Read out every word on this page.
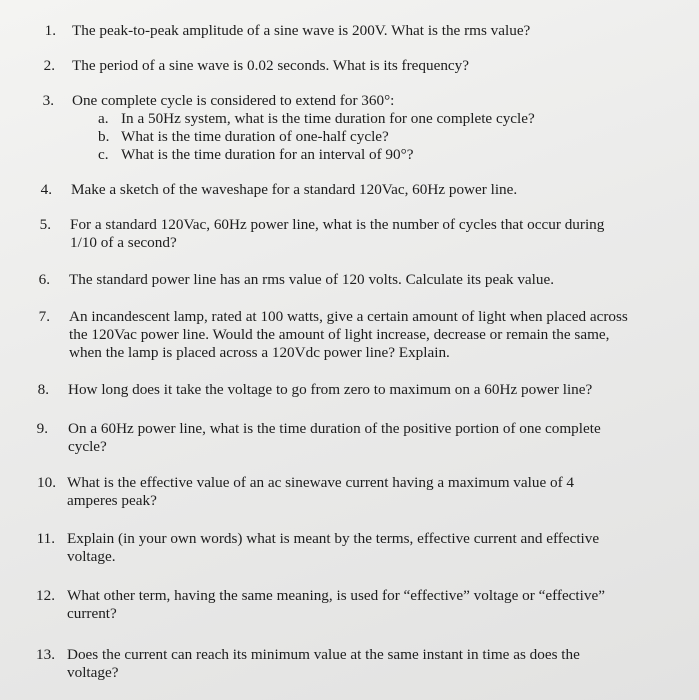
1. The peak-to-peak amplitude of a sine wave is 200V. What is the rms value?
2. The period of a sine wave is 0.02 seconds. What is its frequency?
3. One complete cycle is considered to extend for 360°:
a. In a 50Hz system, what is the time duration for one complete cycle?
b. What is the time duration of one-half cycle?
c. What is the time duration for an interval of 90°?
4. Make a sketch of the waveshape for a standard 120Vac, 60Hz power line.
5. For a standard 120Vac, 60Hz power line, what is the number of cycles that occur during 1/10 of a second?
6. The standard power line has an rms value of 120 volts. Calculate its peak value.
7. An incandescent lamp, rated at 100 watts, give a certain amount of light when placed across the 120Vac power line. Would the amount of light increase, decrease or remain the same, when the lamp is placed across a 120Vdc power line? Explain.
8. How long does it take the voltage to go from zero to maximum on a 60Hz power line?
9. On a 60Hz power line, what is the time duration of the positive portion of one complete cycle?
10. What is the effective value of an ac sinewave current having a maximum value of 4 amperes peak?
11. Explain (in your own words) what is meant by the terms, effective current and effective voltage.
12. What other term, having the same meaning, is used for “effective” voltage or “effective” current?
13. Does the current can reach its minimum value at the same instant in time as does the voltage?
